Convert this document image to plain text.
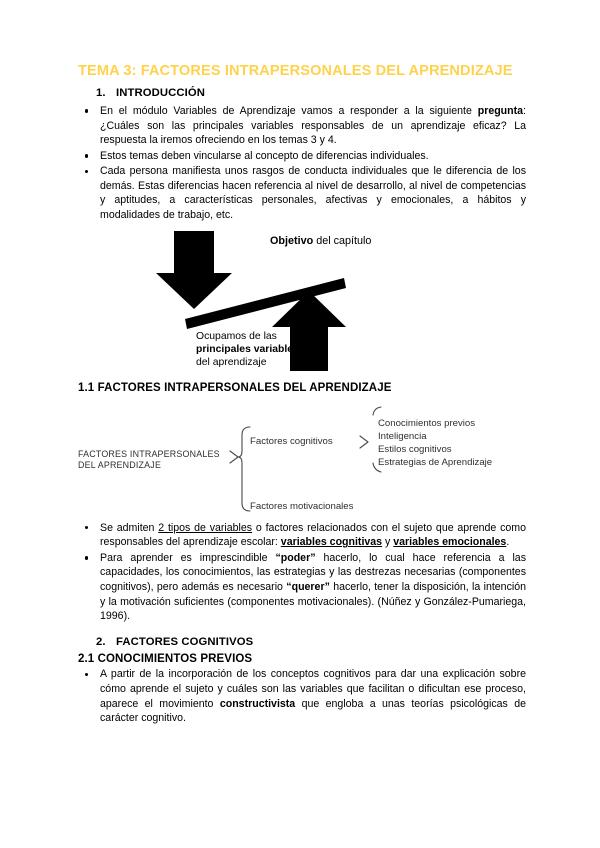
TEMA 3: FACTORES INTRAPERSONALES DEL APRENDIZAJE
1. INTRODUCCIÓN
En el módulo Variables de Aprendizaje vamos a responder a la siguiente pregunta: ¿Cuáles son las principales variables responsables de un aprendizaje eficaz? La respuesta la iremos ofreciendo en los temas 3 y 4.
Estos temas deben vincularse al concepto de diferencias individuales.
Cada persona manifiesta unos rasgos de conducta individuales que le diferencia de los demás. Estas diferencias hacen referencia al nivel de desarrollo, al nivel de competencias y aptitudes, a características personales, afectivas y emocionales, a hábitos y modalidades de trabajo, etc.
Objetivo del capítulo
Ocupamos de las
principales variables
del aprendizaje
1.1 FACTORES INTRAPERSONALES DEL APRENDIZAJE
FACTORES INTRAPERSONALES
DEL APRENDIZAJE
Factores cognitivos
Factores motivacionales
Conocimientos previos
Inteligencia
Estilos cognitivos
Estrategias de Aprendizaje
Se admiten 2 tipos de variables o factores relacionados con el sujeto que aprende como responsables del aprendizaje escolar: variables cognitivas y variables emocionales.
Para aprender es imprescindible “poder” hacerlo, lo cual hace referencia a las capacidades, los conocimientos, las estrategias y las destrezas necesarias (componentes cognitivos), pero además es necesario “querer” hacerlo, tener la disposición, la intención y la motivación suficientes (componentes motivacionales). (Núñez y González-Pumariega, 1996).
2. FACTORES COGNITIVOS
2.1 CONOCIMIENTOS PREVIOS
A partir de la incorporación de los conceptos cognitivos para dar una explicación sobre cómo aprende el sujeto y cuáles son las variables que facilitan o dificultan ese proceso, aparece el movimiento constructivista que engloba a unas teorías psicológicas de carácter cognitivo.
